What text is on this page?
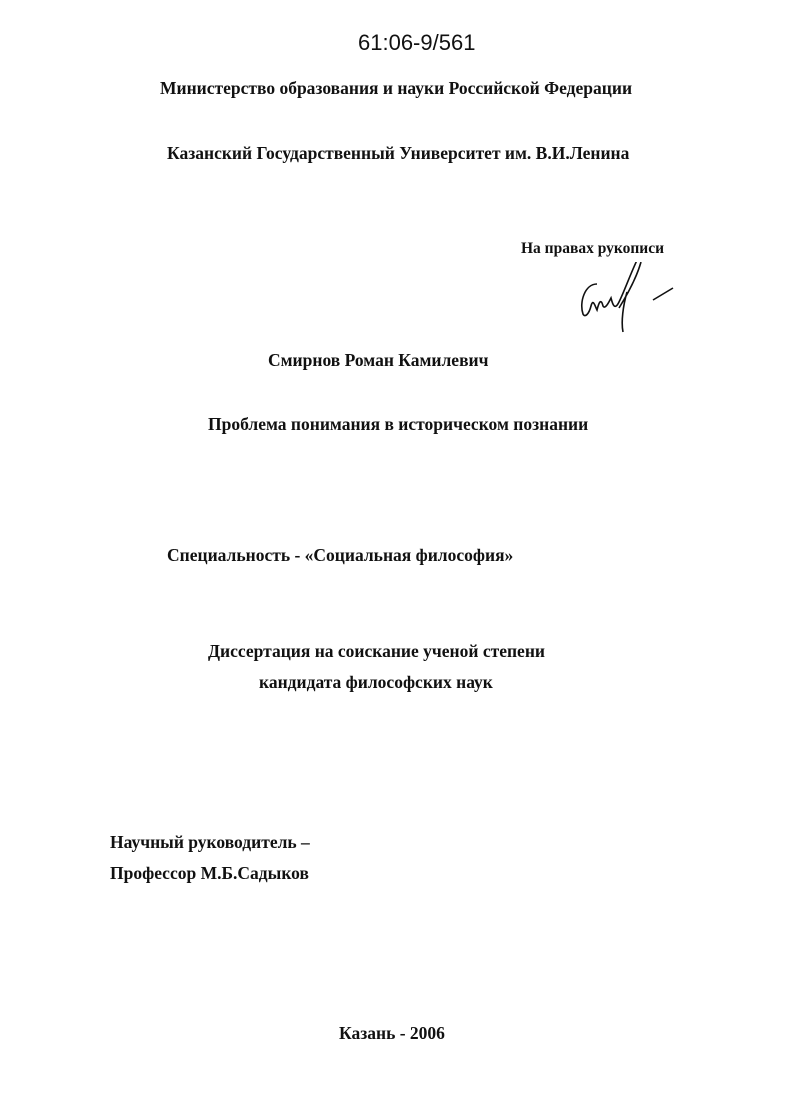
61:06-9/561
Министерство образования и науки Российской Федерации
Казанский Государственный Университет им. В.И.Ленина
На правах рукописи
Смирнов Роман Камилевич
Проблема понимания в историческом познании
Специальность - «Социальная философия»
Диссертация на соискание ученой степени
кандидата философских наук
Научный руководитель –
Профессор М.Б.Садыков
Казань - 2006
